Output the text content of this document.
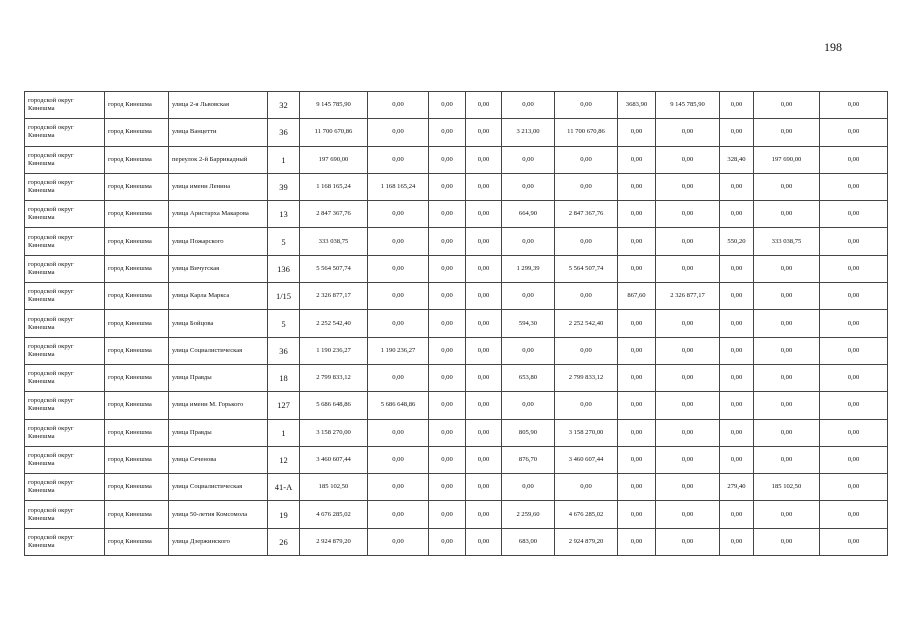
198
городской округ Кинешма	город Кинешма	улица 2-я Львовская	32	9 145 785,90	0,00	0,00	0,00	0,00	0,00	3683,90	9 145 785,90	0,00	0,00	0,00
городской округ Кинешма	город Кинешма	улица Ванцетти	36	11 700 670,86	0,00	0,00	0,00	3 213,00	11 700 670,86	0,00	0,00	0,00	0,00	0,00
городской округ Кинешма	город Кинешма	переулок 2-й Баррикадный	1	197 690,00	0,00	0,00	0,00	0,00	0,00	0,00	0,00	328,40	197 690,00	0,00
городской округ Кинешма	город Кинешма	улица имени Ленина	39	1 168 165,24	1 168 165,24	0,00	0,00	0,00	0,00	0,00	0,00	0,00	0,00	0,00
городской округ Кинешма	город Кинешма	улица Аристарха Макарова	13	2 847 367,76	0,00	0,00	0,00	664,90	2 847 367,76	0,00	0,00	0,00	0,00	0,00
городской округ Кинешма	город Кинешма	улица Пожарского	5	333 038,75	0,00	0,00	0,00	0,00	0,00	0,00	0,00	550,20	333 038,75	0,00
городской округ Кинешма	город Кинешма	улица Вичугская	136	5 564 507,74	0,00	0,00	0,00	1 299,39	5 564 507,74	0,00	0,00	0,00	0,00	0,00
городской округ Кинешма	город Кинешма	улица Карла Маркса	1/15	2 326 877,17	0,00	0,00	0,00	0,00	0,00	867,60	2 326 877,17	0,00	0,00	0,00
городской округ Кинешма	город Кинешма	улица Бойцова	5	2 252 542,40	0,00	0,00	0,00	594,30	2 252 542,40	0,00	0,00	0,00	0,00	0,00
городской округ Кинешма	город Кинешма	улица Социалистическая	36	1 190 236,27	1 190 236,27	0,00	0,00	0,00	0,00	0,00	0,00	0,00	0,00	0,00
городской округ Кинешма	город Кинешма	улица Правды	18	2 799 833,12	0,00	0,00	0,00	653,80	2 799 833,12	0,00	0,00	0,00	0,00	0,00
городской округ Кинешма	город Кинешма	улица имени М. Горького	127	5 686 648,86	5 686 648,86	0,00	0,00	0,00	0,00	0,00	0,00	0,00	0,00	0,00
городской округ Кинешма	город Кинешма	улица Правды	1	3 158 270,00	0,00	0,00	0,00	805,90	3 158 270,00	0,00	0,00	0,00	0,00	0,00
городской округ Кинешма	город Кинешма	улица Сеченова	12	3 460 607,44	0,00	0,00	0,00	876,70	3 460 607,44	0,00	0,00	0,00	0,00	0,00
городской округ Кинешма	город Кинешма	улица Социалистическая	41-А	185 102,50	0,00	0,00	0,00	0,00	0,00	0,00	0,00	279,40	185 102,50	0,00
городской округ Кинешма	город Кинешма	улица 50-летия Комсомола	19	4 676 285,02	0,00	0,00	0,00	2 259,60	4 676 285,02	0,00	0,00	0,00	0,00	0,00
городской округ Кинешма	город Кинешма	улица Дзержинского	26	2 924 879,20	0,00	0,00	0,00	683,00	2 924 879,20	0,00	0,00	0,00	0,00	0,00
